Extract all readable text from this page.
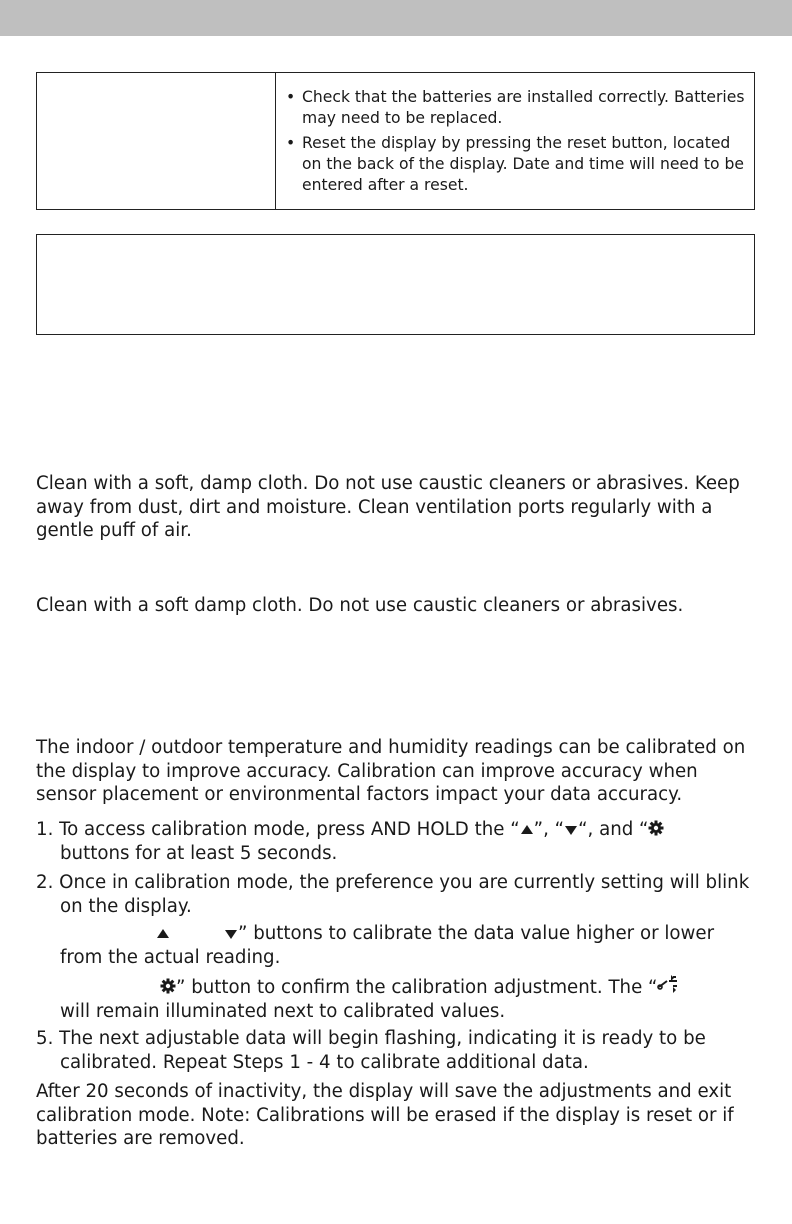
• Check that the batteries are installed correctly. Batteries may need to be replaced.
• Reset the display by pressing the reset button, located on the back of the display. Date and time will need to be entered after a reset.

Clean with a soft, damp cloth. Do not use caustic cleaners or abrasives. Keep away from dust, dirt and moisture. Clean ventilation ports regularly with a gentle puff of air.

Clean with a soft damp cloth. Do not use caustic cleaners or abrasives.

The indoor / outdoor temperature and humidity readings can be calibrated on the display to improve accuracy. Calibration can improve accuracy when sensor placement or environmental factors impact your data accuracy.

1. To access calibration mode, press AND HOLD the “ ”, “ “, and “
buttons for at least 5 seconds.

2. Once in calibration mode, the preference you are currently setting will blink on the display.

” buttons to calibrate the data value higher or lower from the actual reading.

” button to confirm the calibration adjustment. The “
will remain illuminated next to calibrated values.

5. The next adjustable data will begin flashing, indicating it is ready to be calibrated. Repeat Steps 1 - 4 to calibrate additional data.

After 20 seconds of inactivity, the display will save the adjustments and exit calibration mode. Note: Calibrations will be erased if the display is reset or if batteries are removed.
